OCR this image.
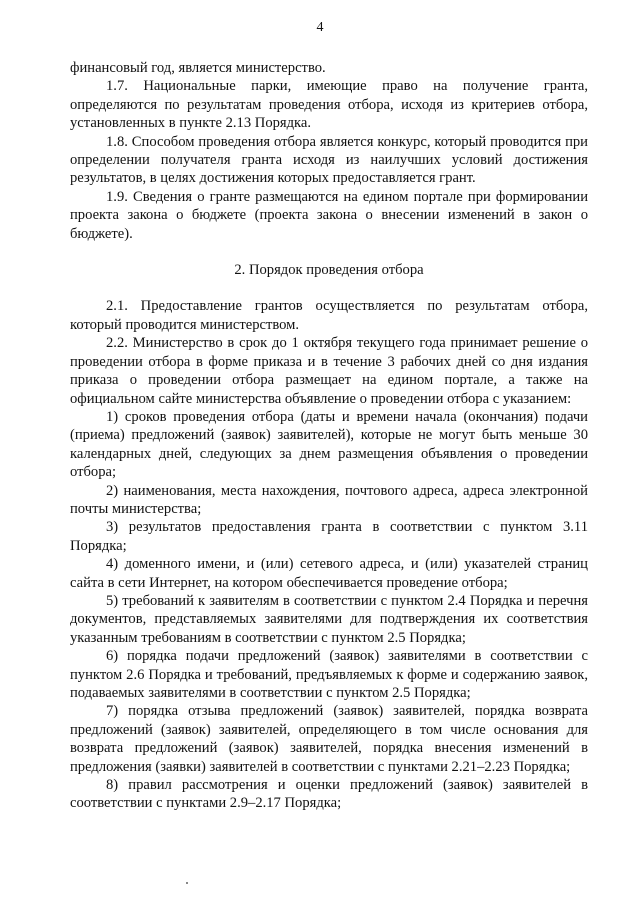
4

финансовый год, является министерство.

1.7. Национальные парки, имеющие право на получение гранта, определяются по результатам проведения отбора, исходя из критериев отбора, установленных в пункте 2.13 Порядка.

1.8. Способом проведения отбора является конкурс, который проводится при определении получателя гранта исходя из наилучших условий достижения результатов, в целях достижения которых предоставляется грант.

1.9. Сведения о гранте размещаются на едином портале при формировании проекта закона о бюджете (проекта закона о внесении изменений в закон о бюджете).

2. Порядок проведения отбора

2.1. Предоставление грантов осуществляется по результатам отбора, который проводится министерством.

2.2. Министерство в срок до 1 октября текущего года принимает решение о проведении отбора в форме приказа и в течение 3 рабочих дней со дня издания приказа о проведении отбора размещает на едином портале, а также на официальном сайте министерства объявление о проведении отбора с указанием:

1) сроков проведения отбора (даты и времени начала (окончания) подачи (приема) предложений (заявок) заявителей), которые не могут быть меньше 30 календарных дней, следующих за днем размещения объявления о проведении отбора;

2) наименования, места нахождения, почтового адреса, адреса электронной почты министерства;

3) результатов предоставления гранта в соответствии с пунктом 3.11 Порядка;

4) доменного имени, и (или) сетевого адреса, и (или) указателей страниц сайта в сети Интернет, на котором обеспечивается проведение отбора;

5) требований к заявителям в соответствии с пунктом 2.4 Порядка и перечня документов, представляемых заявителями для подтверждения их соответствия указанным требованиям в соответствии с пунктом 2.5 Порядка;

6) порядка подачи предложений (заявок) заявителями в соответствии с пунктом 2.6 Порядка и требований, предъявляемых к форме и содержанию заявок, подаваемых заявителями в соответствии с пунктом 2.5 Порядка;

7) порядка отзыва предложений (заявок) заявителей, порядка возврата предложений (заявок) заявителей, определяющего в том числе основания для возврата предложений (заявок) заявителей, порядка внесения изменений в предложения (заявки) заявителей в соответствии с пунктами 2.21–2.23 Порядка;

8) правил рассмотрения и оценки предложений (заявок) заявителей в соответствии с пунктами 2.9–2.17 Порядка;
